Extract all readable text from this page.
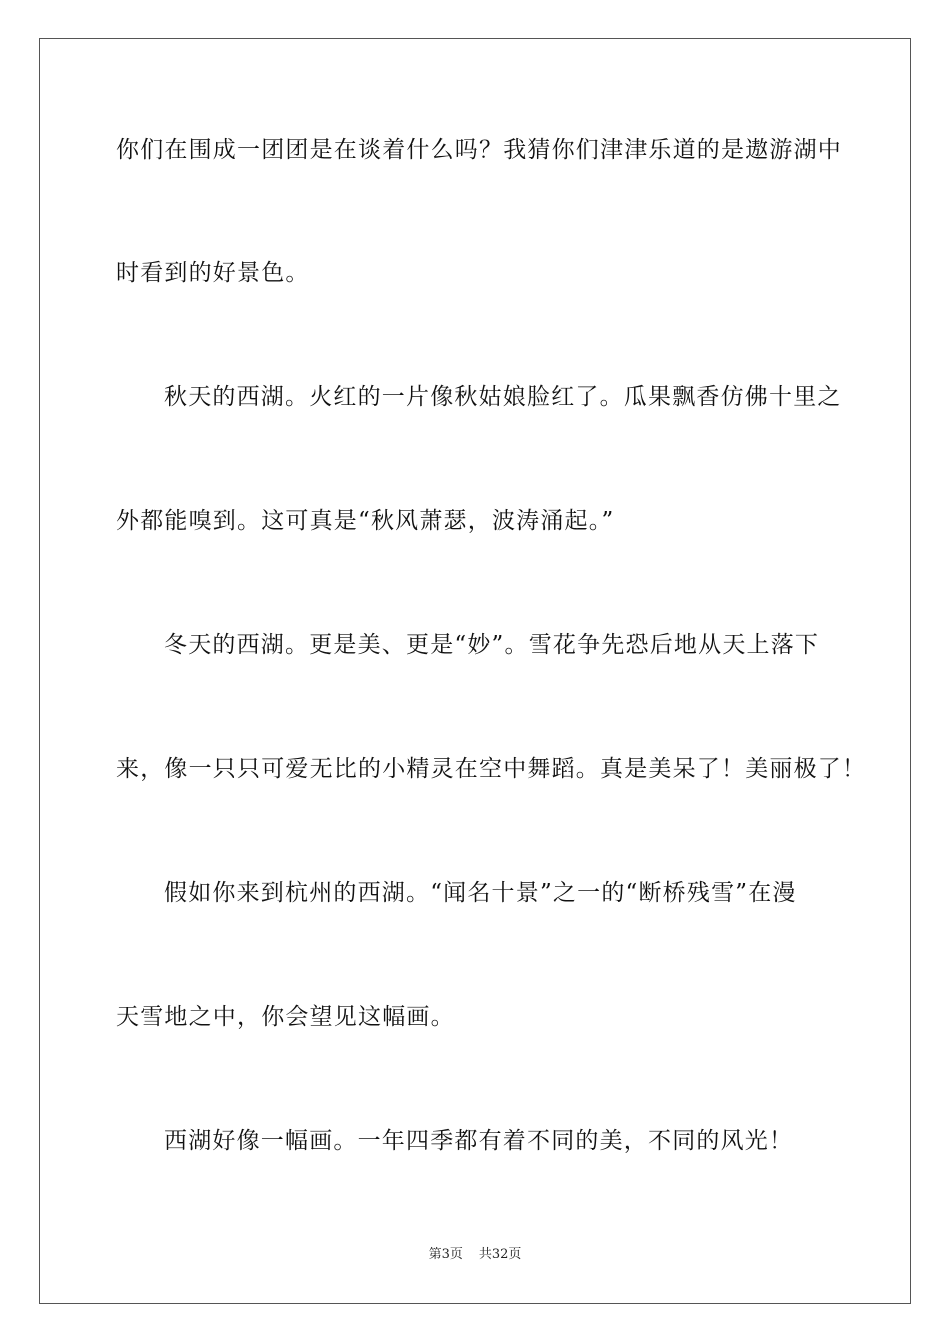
你们在围成一团团是在谈着什么吗？我猜你们津津乐道的是遨游湖中
时看到的好景色。
秋天的西湖。火红的一片像秋姑娘脸红了。瓜果飘香仿佛十里之
外都能嗅到。这可真是“秋风萧瑟，波涛涌起。”
冬天的西湖。更是美、更是“妙”。雪花争先恐后地从天上落下
来，像一只只可爱无比的小精灵在空中舞蹈。真是美呆了！美丽极了！
假如你来到杭州的西湖。“闻名十景”之一的“断桥残雪”在漫
天雪地之中，你会望见这幅画。
西湖好像一幅画。一年四季都有着不同的美，不同的风光！
第3页 共32页
